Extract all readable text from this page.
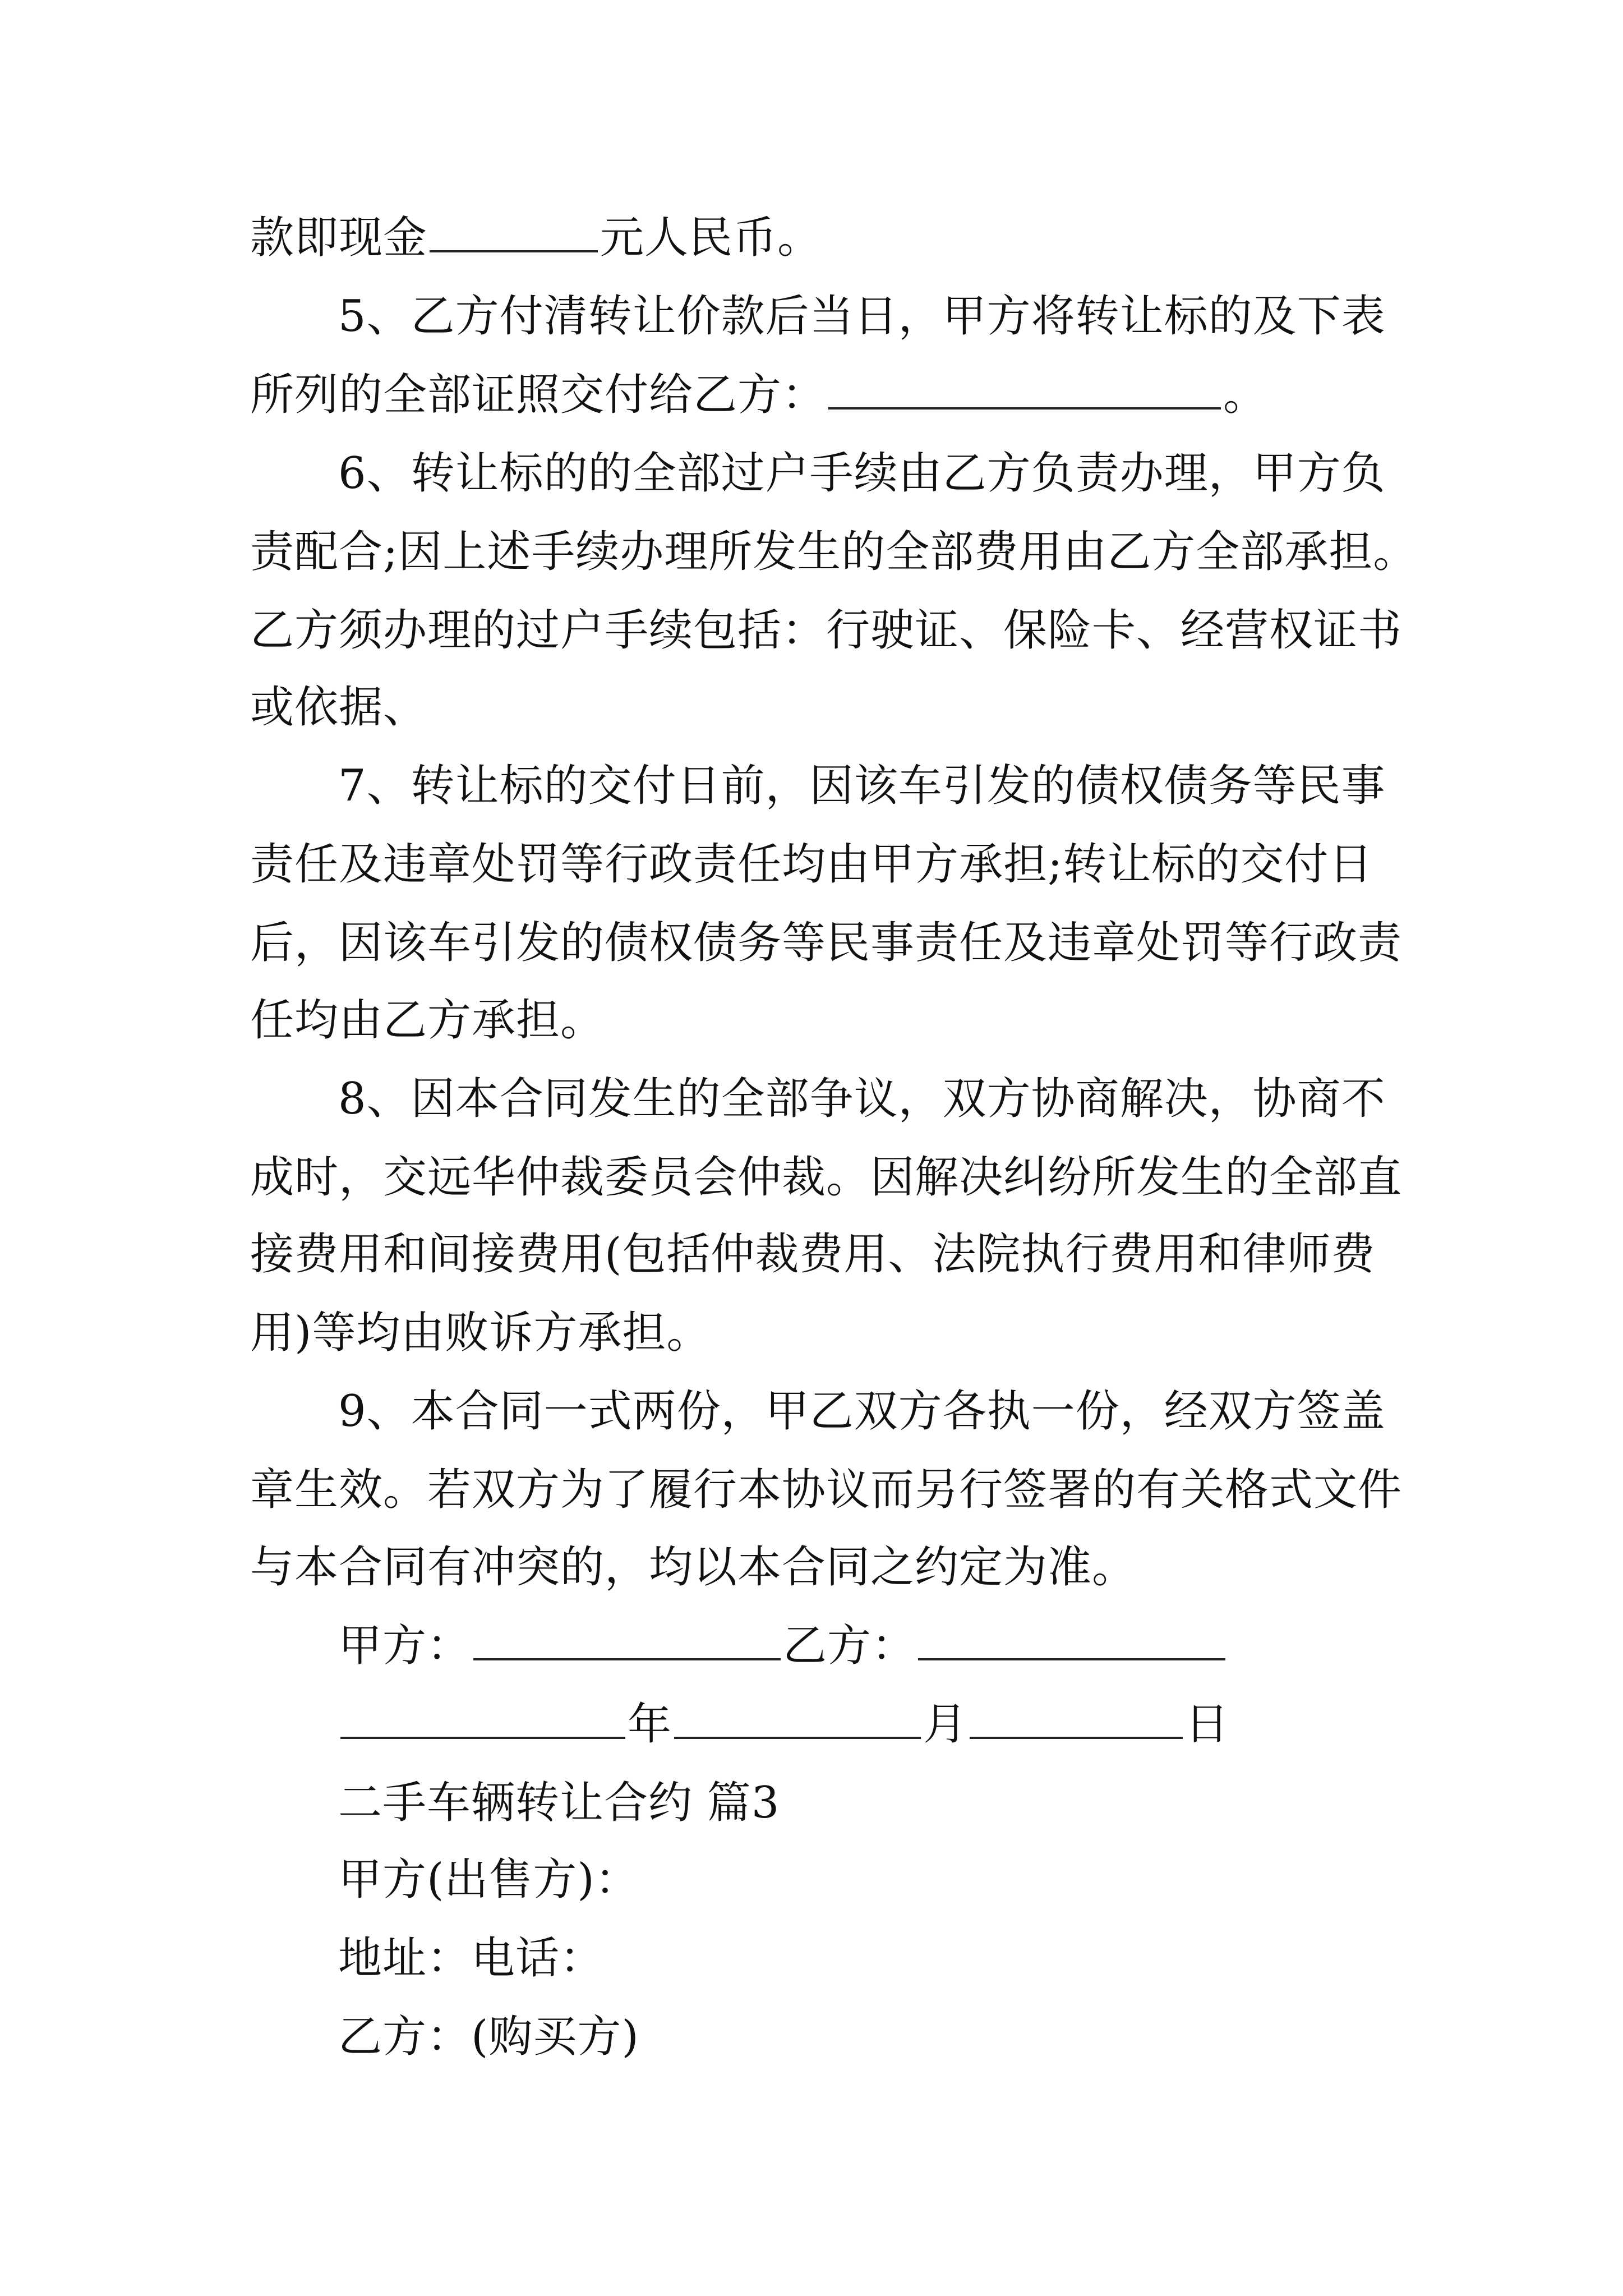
款即现金	元人民币。
5、乙方付清转让价款后当日，甲方将转让标的及下表
所列的全部证照交付给乙方：	。
6、转让标的的全部过户手续由乙方负责办理，甲方负
责配合;因上述手续办理所发生的全部费用由乙方全部承担。
乙方须办理的过户手续包括：行驶证、保险卡、经营权证书
或依据、
7、转让标的交付日前，因该车引发的债权债务等民事
责任及违章处罚等行政责任均由甲方承担;转让标的交付日
后，因该车引发的债权债务等民事责任及违章处罚等行政责
任均由乙方承担。
8、因本合同发生的全部争议，双方协商解决，协商不
成时，交远华仲裁委员会仲裁。因解决纠纷所发生的全部直
接费用和间接费用(包括仲裁费用、法院执行费用和律师费
用)等均由败诉方承担。
9、本合同一式两份，甲乙双方各执一份，经双方签盖
章生效。若双方为了履行本协议而另行签署的有关格式文件
与本合同有冲突的，均以本合同之约定为准。
甲方：	乙方：
年	月	日
二手车辆转让合约 篇3
甲方(出售方)：
地址：电话：
乙方：(购买方)
